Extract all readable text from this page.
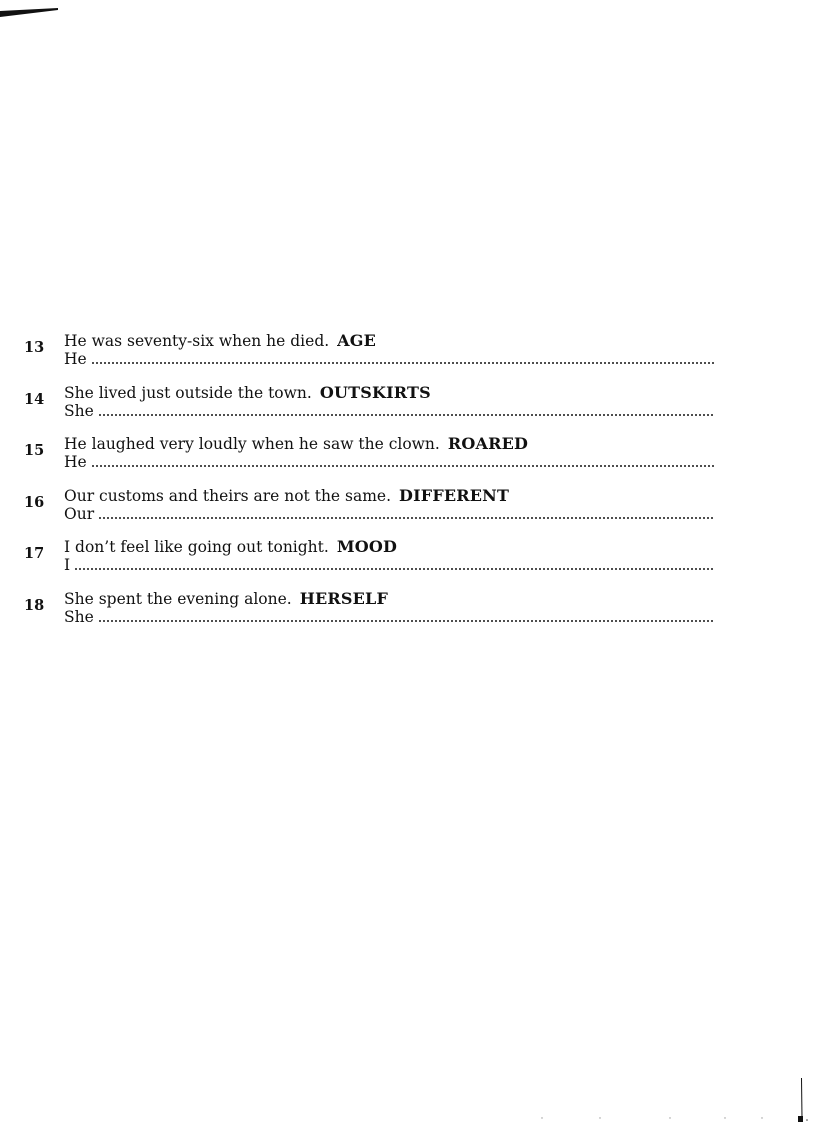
13	He was seventy-six when he died. AGE
He
14	She lived just outside the town. OUTSKIRTS
She
15	He laughed very loudly when he saw the clown. ROARED
He
16	Our customs and theirs are not the same. DIFFERENT
Our
17	I don’t feel like going out tonight. MOOD
I
18	She spent the evening alone. HERSELF
She
